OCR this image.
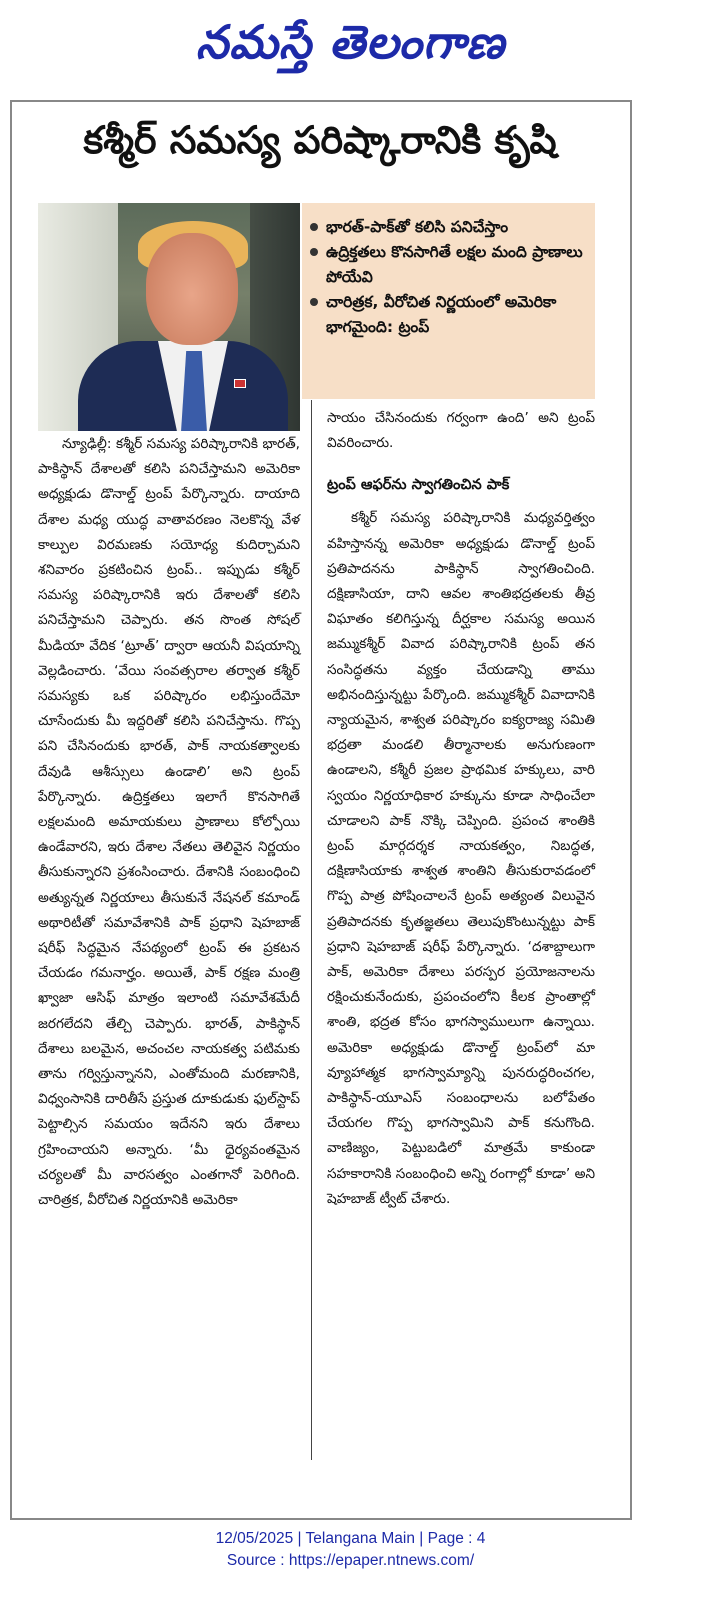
నమస్తే తెలంగాణ
కశ్మీర్ సమస్య పరిష్కారానికి కృషి
భారత్-పాక్‌తో కలిసి పనిచేస్తాం
ఉద్రిక్తతలు కొనసాగితే లక్షల మంది ప్రాణాలు పోయేవి
చారిత్రక, వీరోచిత నిర్ణయంలో అమెరికా భాగమైంది: ట్రంప్

న్యూఢిల్లీ: కశ్మీర్ సమస్య పరిష్కారానికి భారత్, పాకిస్థాన్ దేశాలతో కలిసి పనిచేస్తామని అమెరికా అధ్యక్షుడు డొనాల్డ్ ట్రంప్ పేర్కొన్నారు. దాయాది దేశాల మధ్య యుద్ధ వాతావరణం నెలకొన్న వేళ కాల్పుల విరమణకు సయోధ్య కుదిర్చామని శనివారం ప్రకటించిన ట్రంప్.. ఇప్పుడు కశ్మీర్ సమస్య పరిష్కారానికి ఇరు దేశాలతో కలిసి పనిచేస్తామని చెప్పారు. తన సొంత సోషల్ మీడియా వేదిక ‘ట్రూత్’ ద్వారా ఆయనీ విషయాన్ని వెల్లడించారు. ‘వేయి సంవత్సరాల తర్వాత కశ్మీర్ సమస్యకు ఒక పరిష్కారం లభిస్తుందేమో చూసేందుకు మీ ఇద్దరితో కలిసి పనిచేస్తాను. గొప్ప పని చేసినందుకు భారత్, పాక్ నాయకత్వాలకు దేవుడి ఆశీస్సులు ఉండాలి’ అని ట్రంప్ పేర్కొన్నారు. ఉద్రిక్తతలు ఇలాగే కొనసాగితే లక్షలమంది అమాయకులు ప్రాణాలు కోల్పోయి ఉండేవారని, ఇరు దేశాల నేతలు తెలివైన నిర్ణయం తీసుకున్నారని ప్రశంసించారు. దేశానికి సంబంధించి అత్యున్నత నిర్ణయాలు తీసుకునే నేషనల్ కమాండ్ అథారిటీతో సమావేశానికి పాక్ ప్రధాని షెహబాజ్ షరీఫ్ సిద్ధమైన నేపథ్యంలో ట్రంప్ ఈ ప్రకటన చేయడం గమనార్హం. అయితే, పాక్ రక్షణ మంత్రి ఖ్వాజా ఆసిఫ్ మాత్రం ఇలాంటి సమావేశమేదీ జరగలేదని తేల్చి చెప్పారు. భారత్, పాకిస్థాన్ దేశాలు బలమైన, అచంచల నాయకత్వ పటిమకు తాను గర్విస్తున్నానని, ఎంతోమంది మరణానికి, విధ్వంసానికి దారితీసే ప్రస్తుత దూకుడుకు ఫుల్‌స్టాప్ పెట్టాల్సిన సమయం ఇదేనని ఇరు దేశాలు గ్రహించాయని అన్నారు. ‘మీ ధైర్యవంతమైన చర్యలతో మీ వారసత్వం ఎంతగానో పెరిగింది. చారిత్రక, వీరోచిత నిర్ణయానికి అమెరికా

సాయం చేసినందుకు గర్వంగా ఉంది’ అని ట్రంప్ వివరించారు.

ట్రంప్ ఆఫర్‌ను స్వాగతించిన పాక్

కశ్మీర్ సమస్య పరిష్కారానికి మధ్యవర్తిత్వం వహిస్తానన్న అమెరికా అధ్యక్షుడు డొనాల్డ్ ట్రంప్ ప్రతిపాదనను పాకిస్థాన్ స్వాగతించింది. దక్షిణాసియా, దాని ఆవల శాంతిభద్రతలకు తీవ్ర విఘాతం కలిగిస్తున్న దీర్ఘకాల సమస్య అయిన జమ్ముకశ్మీర్ వివాద పరిష్కారానికి ట్రంప్ తన సంసిద్ధతను వ్యక్తం చేయడాన్ని తాము అభినందిస్తున్నట్టు పేర్కొంది. జమ్ముకశ్మీర్ వివాదానికి న్యాయమైన, శాశ్వత పరిష్కారం ఐక్యరాజ్య సమితి భద్రతా మండలి తీర్మానాలకు అనుగుణంగా ఉండాలని, కశ్మీరీ ప్రజల ప్రాథమిక హక్కులు, వారి స్వయం నిర్ణయాధికార హక్కును కూడా సాధించేలా చూడాలని పాక్ నొక్కి చెప్పింది. ప్రపంచ శాంతికి ట్రంప్ మార్గదర్శక నాయకత్వం, నిబద్ధత, దక్షిణాసియాకు శాశ్వత శాంతిని తీసుకురావడంలో గొప్ప పాత్ర పోషించాలనే ట్రంప్ అత్యంత విలువైన ప్రతిపాదనకు కృతజ్ఞతలు తెలుపుకొంటున్నట్టు పాక్ ప్రధాని షెహబాజ్ షరీఫ్ పేర్కొన్నారు. ‘దశాబ్దాలుగా పాక్, అమెరికా దేశాలు పరస్పర ప్రయోజనాలను రక్షించుకునేందుకు, ప్రపంచంలోని కీలక ప్రాంతాల్లో శాంతి, భద్రత కోసం భాగస్వాములుగా ఉన్నాయి. అమెరికా అధ్యక్షుడు డొనాల్డ్ ట్రంప్‌లో మా వ్యూహాత్మక భాగస్వామ్యాన్ని పునరుద్ధరించగల, పాకిస్థాన్-యూఎస్ సంబంధాలను బలోపేతం చేయగల గొప్ప భాగస్వామిని పాక్ కనుగొంది. వాణిజ్యం, పెట్టుబడిలో మాత్రమే కాకుండా సహకారానికి సంబంధించి అన్ని రంగాల్లో కూడా’ అని షెహబాజ్ ట్వీట్ చేశారు.

12/05/2025 | Telangana Main | Page : 4
Source : https://epaper.ntnews.com/
